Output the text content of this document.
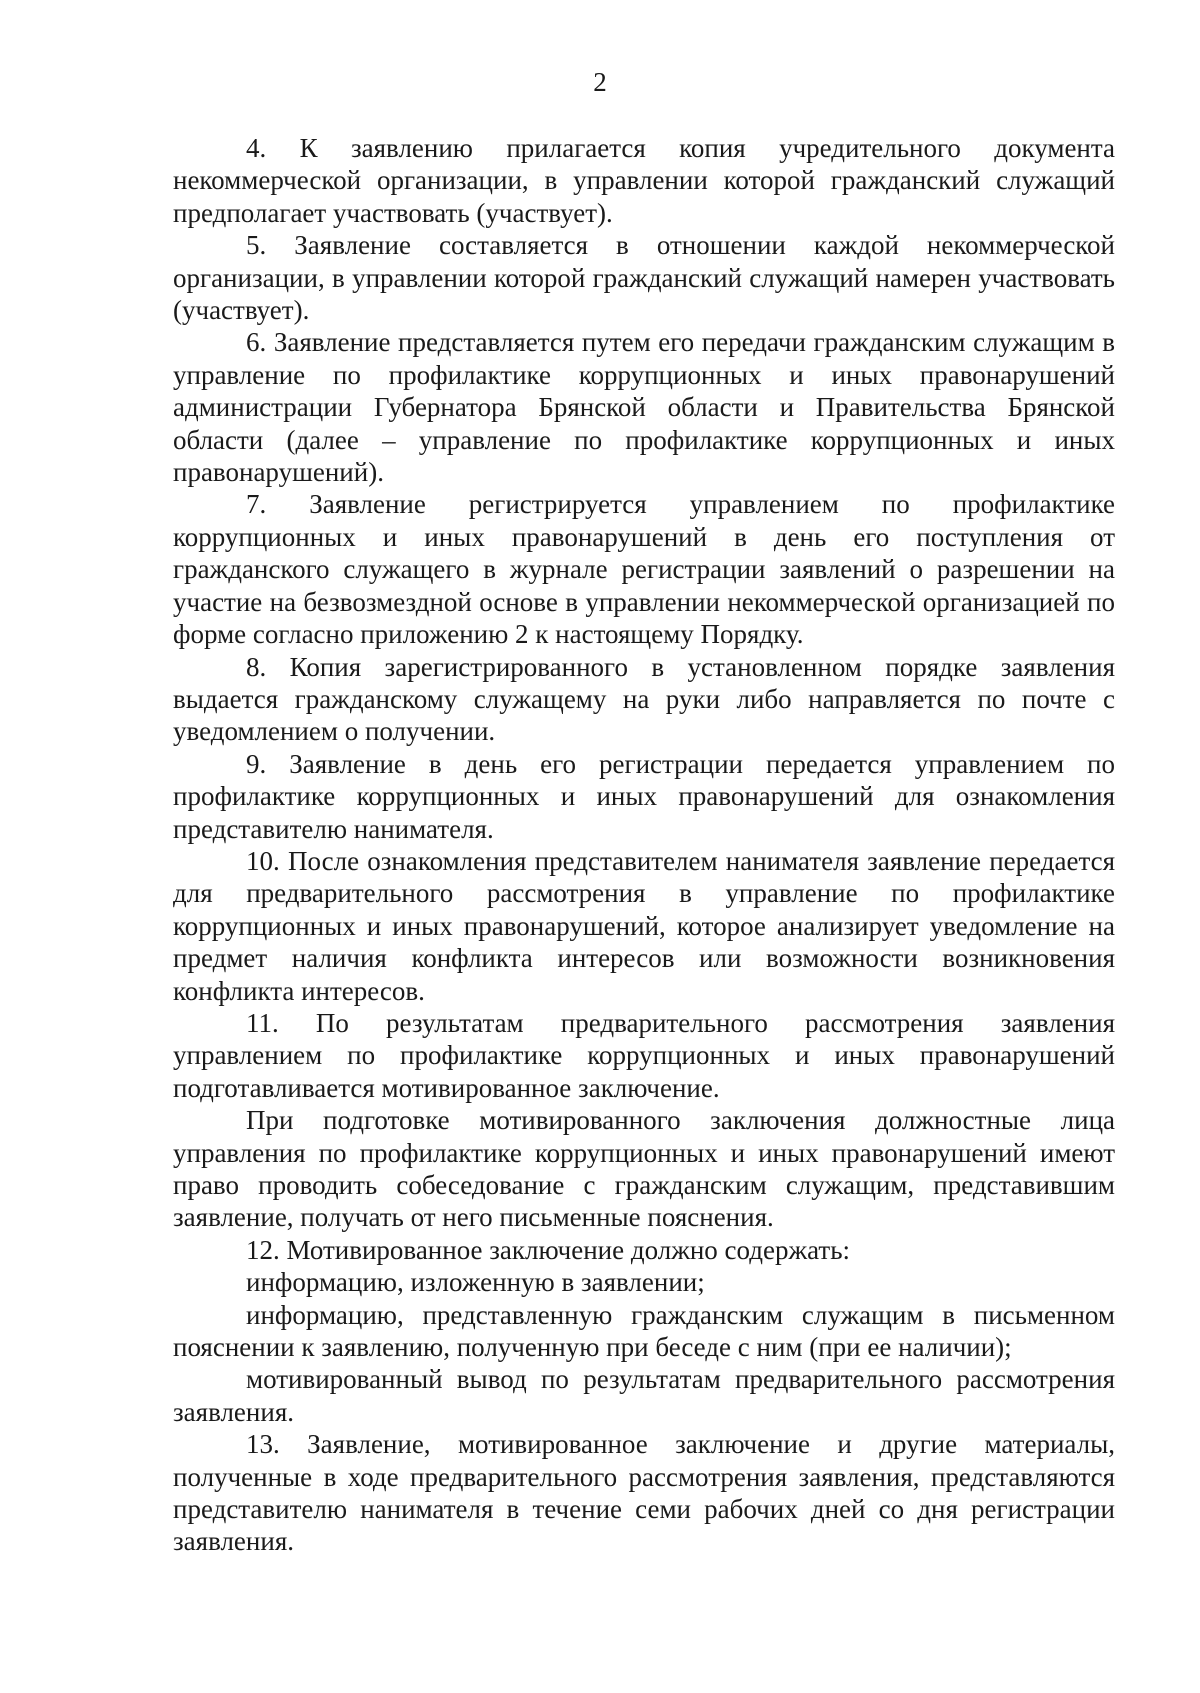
2

4. К заявлению прилагается копия учредительного документа некоммерческой организации, в управлении которой гражданский служащий предполагает участвовать (участвует).

5. Заявление составляется в отношении каждой некоммерческой организации, в управлении которой гражданский служащий намерен участвовать (участвует).

6. Заявление представляется путем его передачи гражданским служащим в управление по профилактике коррупционных и иных правонарушений администрации Губернатора Брянской области и Правительства Брянской области (далее – управление по профилактике коррупционных и иных правонарушений).

7. Заявление регистрируется управлением по профилактике коррупционных и иных правонарушений в день его поступления от гражданского служащего в журнале регистрации заявлений о разрешении на участие на безвозмездной основе в управлении некоммерческой организацией по форме согласно приложению 2 к настоящему Порядку.

8. Копия зарегистрированного в установленном порядке заявления выдается гражданскому служащему на руки либо направляется по почте с уведомлением о получении.

9. Заявление в день его регистрации передается управлением по профилактике коррупционных и иных правонарушений для ознакомления представителю нанимателя.

10. После ознакомления представителем нанимателя заявление передается для предварительного рассмотрения в управление по профилактике коррупционных и иных правонарушений, которое анализирует уведомление на предмет наличия конфликта интересов или возможности возникновения конфликта интересов.

11. По результатам предварительного рассмотрения заявления управлением по профилактике коррупционных и иных правонарушений подготавливается мотивированное заключение.

При подготовке мотивированного заключения должностные лица управления по профилактике коррупционных и иных правонарушений имеют право проводить собеседование с гражданским служащим, представившим заявление, получать от него письменные пояснения.

12. Мотивированное заключение должно содержать:

информацию, изложенную в заявлении;

информацию, представленную гражданским служащим в письменном пояснении к заявлению, полученную при беседе с ним (при ее наличии);

мотивированный вывод по результатам предварительного рассмотрения заявления.

13. Заявление, мотивированное заключение и другие материалы, полученные в ходе предварительного рассмотрения заявления, представляются представителю нанимателя в течение семи рабочих дней со дня регистрации заявления.
